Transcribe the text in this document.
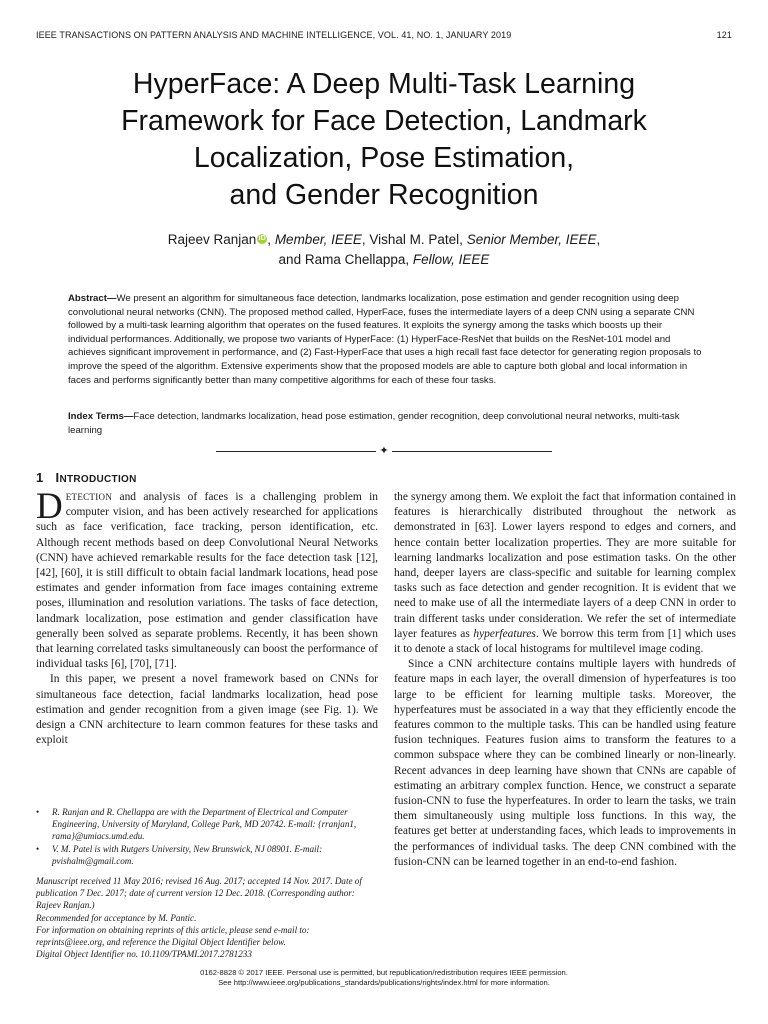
IEEE TRANSACTIONS ON PATTERN ANALYSIS AND MACHINE INTELLIGENCE, VOL. 41, NO. 1, JANUARY 2019	121
HyperFace: A Deep Multi-Task Learning
Framework for Face Detection, Landmark
Localization, Pose Estimation,
and Gender Recognition
Rajeev Ranjan iD , Member, IEEE, Vishal M. Patel, Senior Member, IEEE,
and Rama Chellappa, Fellow, IEEE
Abstract—We present an algorithm for simultaneous face detection, landmarks localization, pose estimation and gender recognition using deep convolutional neural networks (CNN). The proposed method called, HyperFace, fuses the intermediate layers of a deep CNN using a separate CNN followed by a multi-task learning algorithm that operates on the fused features. It exploits the synergy among the tasks which boosts up their individual performances. Additionally, we propose two variants of HyperFace: (1) HyperFace-ResNet that builds on the ResNet-101 model and achieves significant improvement in performance, and (2) Fast-HyperFace that uses a high recall fast face detector for generating region proposals to improve the speed of the algorithm. Extensive experiments show that the proposed models are able to capture both global and local information in faces and performs significantly better than many competitive algorithms for each of these four tasks.
Index Terms—Face detection, landmarks localization, head pose estimation, gender recognition, deep convolutional neural networks, multi-task learning
✦
1 INTRODUCTION

DETECTION and analysis of faces is a challenging problem in computer vision, and has been actively researched for applications such as face verification, face tracking, person identification, etc. Although recent methods based on deep Convolutional Neural Networks (CNN) have achieved remarkable results for the face detection task [12], [42], [60], it is still difficult to obtain facial landmark locations, head pose estimates and gender information from face images containing extreme poses, illumination and resolution variations. The tasks of face detection, landmark localization, pose estimation and gender classification have generally been solved as separate problems. Recently, it has been shown that learning correlated tasks simultaneously can boost the performance of individual tasks [6], [70], [71].

In this paper, we present a novel framework based on CNNs for simultaneous face detection, facial landmarks localization, head pose estimation and gender recognition from a given image (see Fig. 1). We design a CNN architecture to learn common features for these tasks and exploit

the synergy among them. We exploit the fact that information contained in features is hierarchically distributed throughout the network as demonstrated in [63]. Lower layers respond to edges and corners, and hence contain better localization properties. They are more suitable for learning landmarks localization and pose estimation tasks. On the other hand, deeper layers are class-specific and suitable for learning complex tasks such as face detection and gender recognition. It is evident that we need to make use of all the intermediate layers of a deep CNN in order to train different tasks under consideration. We refer the set of intermediate layer features as hyperfeatures. We borrow this term from [1] which uses it to denote a stack of local histograms for multilevel image coding.

Since a CNN architecture contains multiple layers with hundreds of feature maps in each layer, the overall dimension of hyperfeatures is too large to be efficient for learning multiple tasks. Moreover, the hyperfeatures must be associated in a way that they efficiently encode the features common to the multiple tasks. This can be handled using feature fusion techniques. Features fusion aims to transform the features to a common subspace where they can be combined linearly or non-linearly. Recent advances in deep learning have shown that CNNs are capable of estimating an arbitrary complex function. Hence, we construct a separate fusion-CNN to fuse the hyperfeatures. In order to learn the tasks, we train them simultaneously using multiple loss functions. In this way, the features get better at understanding faces, which leads to improvements in the performances of individual tasks. The deep CNN combined with the fusion-CNN can be learned together in an end-to-end fashion.

• R. Ranjan and R. Chellappa are with the Department of Electrical and Computer Engineering, University of Maryland, College Park, MD 20742. E-mail: {rranjan1, rama}@umiacs.umd.edu.
• V. M. Patel is with Rutgers University, New Brunswick, NJ 08901. E-mail: pvishalm@gmail.com.
Manuscript received 11 May 2016; revised 16 Aug. 2017; accepted 14 Nov. 2017. Date of publication 7 Dec. 2017; date of current version 12 Dec. 2018. (Corresponding author: Rajeev Ranjan.)
Recommended for acceptance by M. Pantic.
For information on obtaining reprints of this article, please send e-mail to: reprints@ieee.org, and reference the Digital Object Identifier below.
Digital Object Identifier no. 10.1109/TPAMI.2017.2781233
0162-8828 © 2017 IEEE. Personal use is permitted, but republication/redistribution requires IEEE permission.
See http://www.ieee.org/publications_standards/publications/rights/index.html for more information.
